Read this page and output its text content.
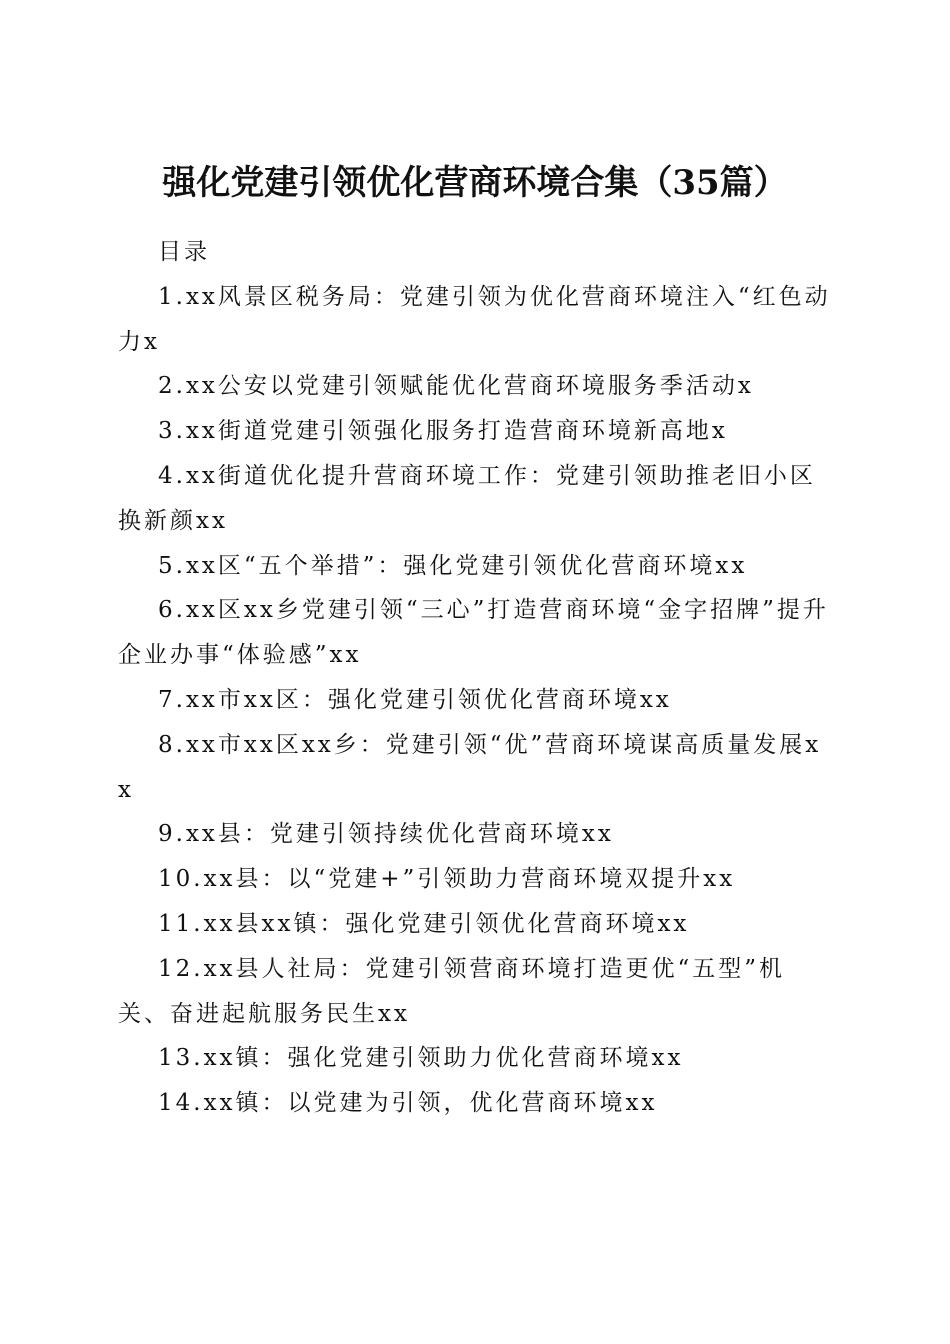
强化党建引领优化营商环境合集（35篇）

目录

1.xx风景区税务局：党建引领为优化营商环境注入“红色动力x
2.xx公安以党建引领赋能优化营商环境服务季活动x
3.xx街道党建引领强化服务打造营商环境新高地x
4.xx街道优化提升营商环境工作：党建引领助推老旧小区换新颜xx
5.xx区“五个举措”：强化党建引领优化营商环境xx
6.xx区xx乡党建引领“三心”打造营商环境“金字招牌”提升企业办事“体验感”xx
7.xx市xx区：强化党建引领优化营商环境xx
8.xx市xx区xx乡：党建引领“优”营商环境谋高质量发展xx
9.xx县：党建引领持续优化营商环境xx
10.xx县：以“党建+”引领助力营商环境双提升xx
11.xx县xx镇：强化党建引领优化营商环境xx
12.xx县人社局：党建引领营商环境打造更优“五型”机关、奋进起航服务民生xx
13.xx镇：强化党建引领助力优化营商环境xx
14.xx镇：以党建为引领，优化营商环境xx
